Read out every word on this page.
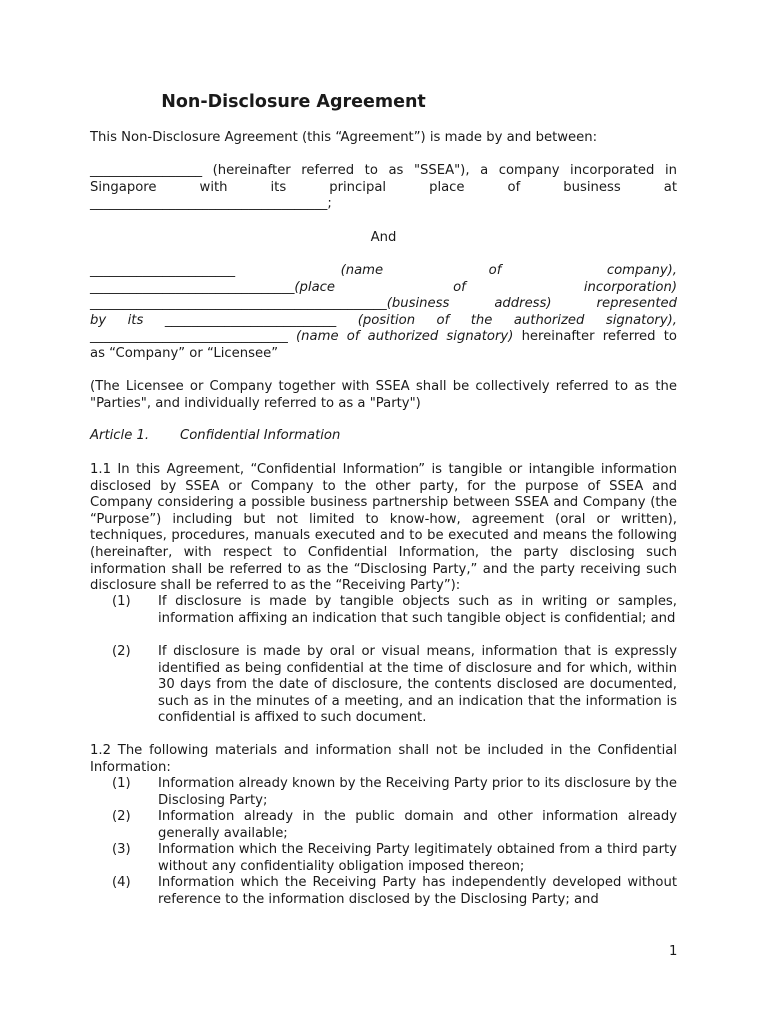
Non-Disclosure Agreement
This Non-Disclosure Agreement (this “Agreement”) is made by and between:
_________________ (hereinafter referred to as "SSEA"), a company incorporated in
Singapore with its principal place of business at
____________________________________;
And
______________________	(name of company),
_______________________________(place of incorporation)
_____________________________________________(business address) represented
by its __________________________ (position of the authorized signatory),
______________________________ (name of authorized signatory) hereinafter referred to
as “Company” or “Licensee”
(The Licensee or Company together with SSEA shall be collectively referred to as the "Parties", and individually referred to as a "Party")
Article 1. Confidential Information
1.1 In this Agreement, “Confidential Information” is tangible or intangible information disclosed by SSEA or Company to the other party, for the purpose of SSEA and Company considering a possible business partnership between SSEA and Company (the “Purpose”) including but not limited to know-how, agreement (oral or written), techniques, procedures, manuals executed and to be executed and means the following (hereinafter, with respect to Confidential Information, the party disclosing such information shall be referred to as the “Disclosing Party,” and the party receiving such disclosure shall be referred to as the “Receiving Party”):
(1) If disclosure is made by tangible objects such as in writing or samples, information affixing an indication that such tangible object is confidential; and
(2) If disclosure is made by oral or visual means, information that is expressly identified as being confidential at the time of disclosure and for which, within 30 days from the date of disclosure, the contents disclosed are documented, such as in the minutes of a meeting, and an indication that the information is confidential is affixed to such document.
1.2 The following materials and information shall not be included in the Confidential Information:
(1) Information already known by the Receiving Party prior to its disclosure by the Disclosing Party;
(2) Information already in the public domain and other information already generally available;
(3) Information which the Receiving Party legitimately obtained from a third party without any confidentiality obligation imposed thereon;
(4) Information which the Receiving Party has independently developed without reference to the information disclosed by the Disclosing Party; and
1
